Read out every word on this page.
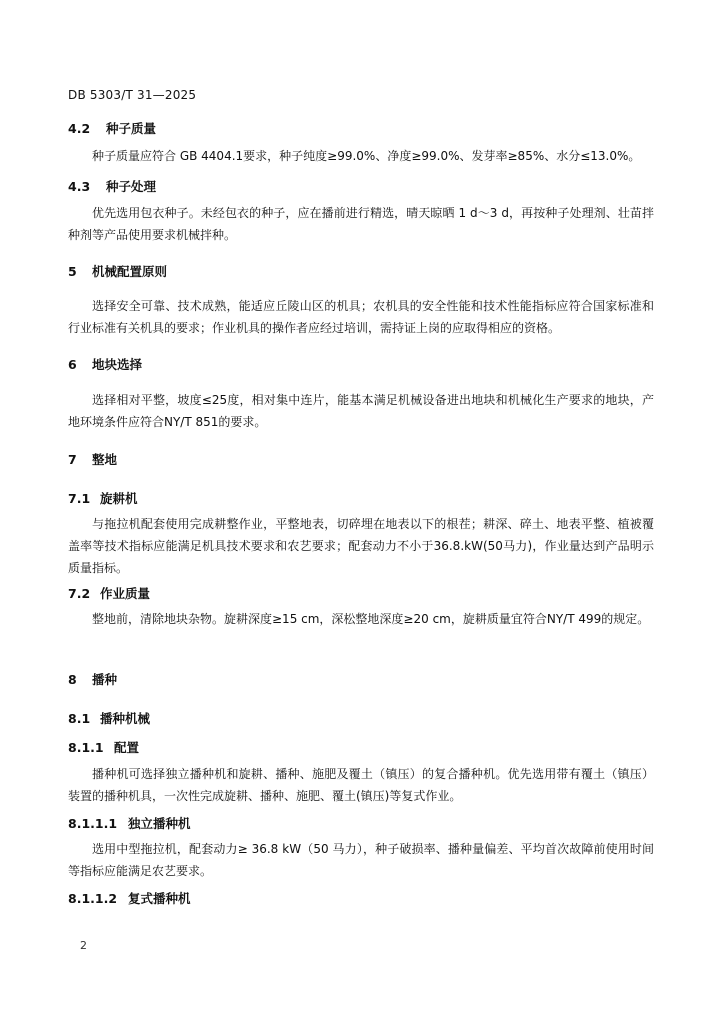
DB 5303/T 31—2025
4.2 种子质量
种子质量应符合 GB 4404.1要求，种子纯度≥99.0%、净度≥99.0%、发芽率≥85%、水分≤13.0%。
4.3 种子处理
优先选用包衣种子。未经包衣的种子，应在播前进行精选，晴天晾晒 1 d～3 d，再按种子处理剂、壮苗拌种剂等产品使用要求机械拌种。
5 机械配置原则
选择安全可靠、技术成熟，能适应丘陵山区的机具；农机具的安全性能和技术性能指标应符合国家标准和行业标准有关机具的要求；作业机具的操作者应经过培训，需持证上岗的应取得相应的资格。
6 地块选择
选择相对平整，坡度≤25度，相对集中连片，能基本满足机械设备进出地块和机械化生产要求的地块，产地环境条件应符合NY/T 851的要求。
7 整地
7.1 旋耕机
与拖拉机配套使用完成耕整作业，平整地表，切碎埋在地表以下的根茬；耕深、碎土、地表平整、植被覆盖率等技术指标应能满足机具技术要求和农艺要求；配套动力不小于36.8.kW(50马力)，作业量达到产品明示质量指标。
7.2 作业质量
整地前，清除地块杂物。旋耕深度≥15 cm，深松整地深度≥20 cm，旋耕质量宜符合NY/T 499的规定。
8 播种
8.1 播种机械
8.1.1 配置
播种机可选择独立播种机和旋耕、播种、施肥及覆土（镇压）的复合播种机。优先选用带有覆土（镇压）装置的播种机具，一次性完成旋耕、播种、施肥、覆土(镇压)等复式作业。
8.1.1.1 独立播种机
选用中型拖拉机，配套动力≥ 36.8 kW（50 马力），种子破损率、播种量偏差、平均首次故障前使用时间等指标应能满足农艺要求。
8.1.1.2 复式播种机
2
